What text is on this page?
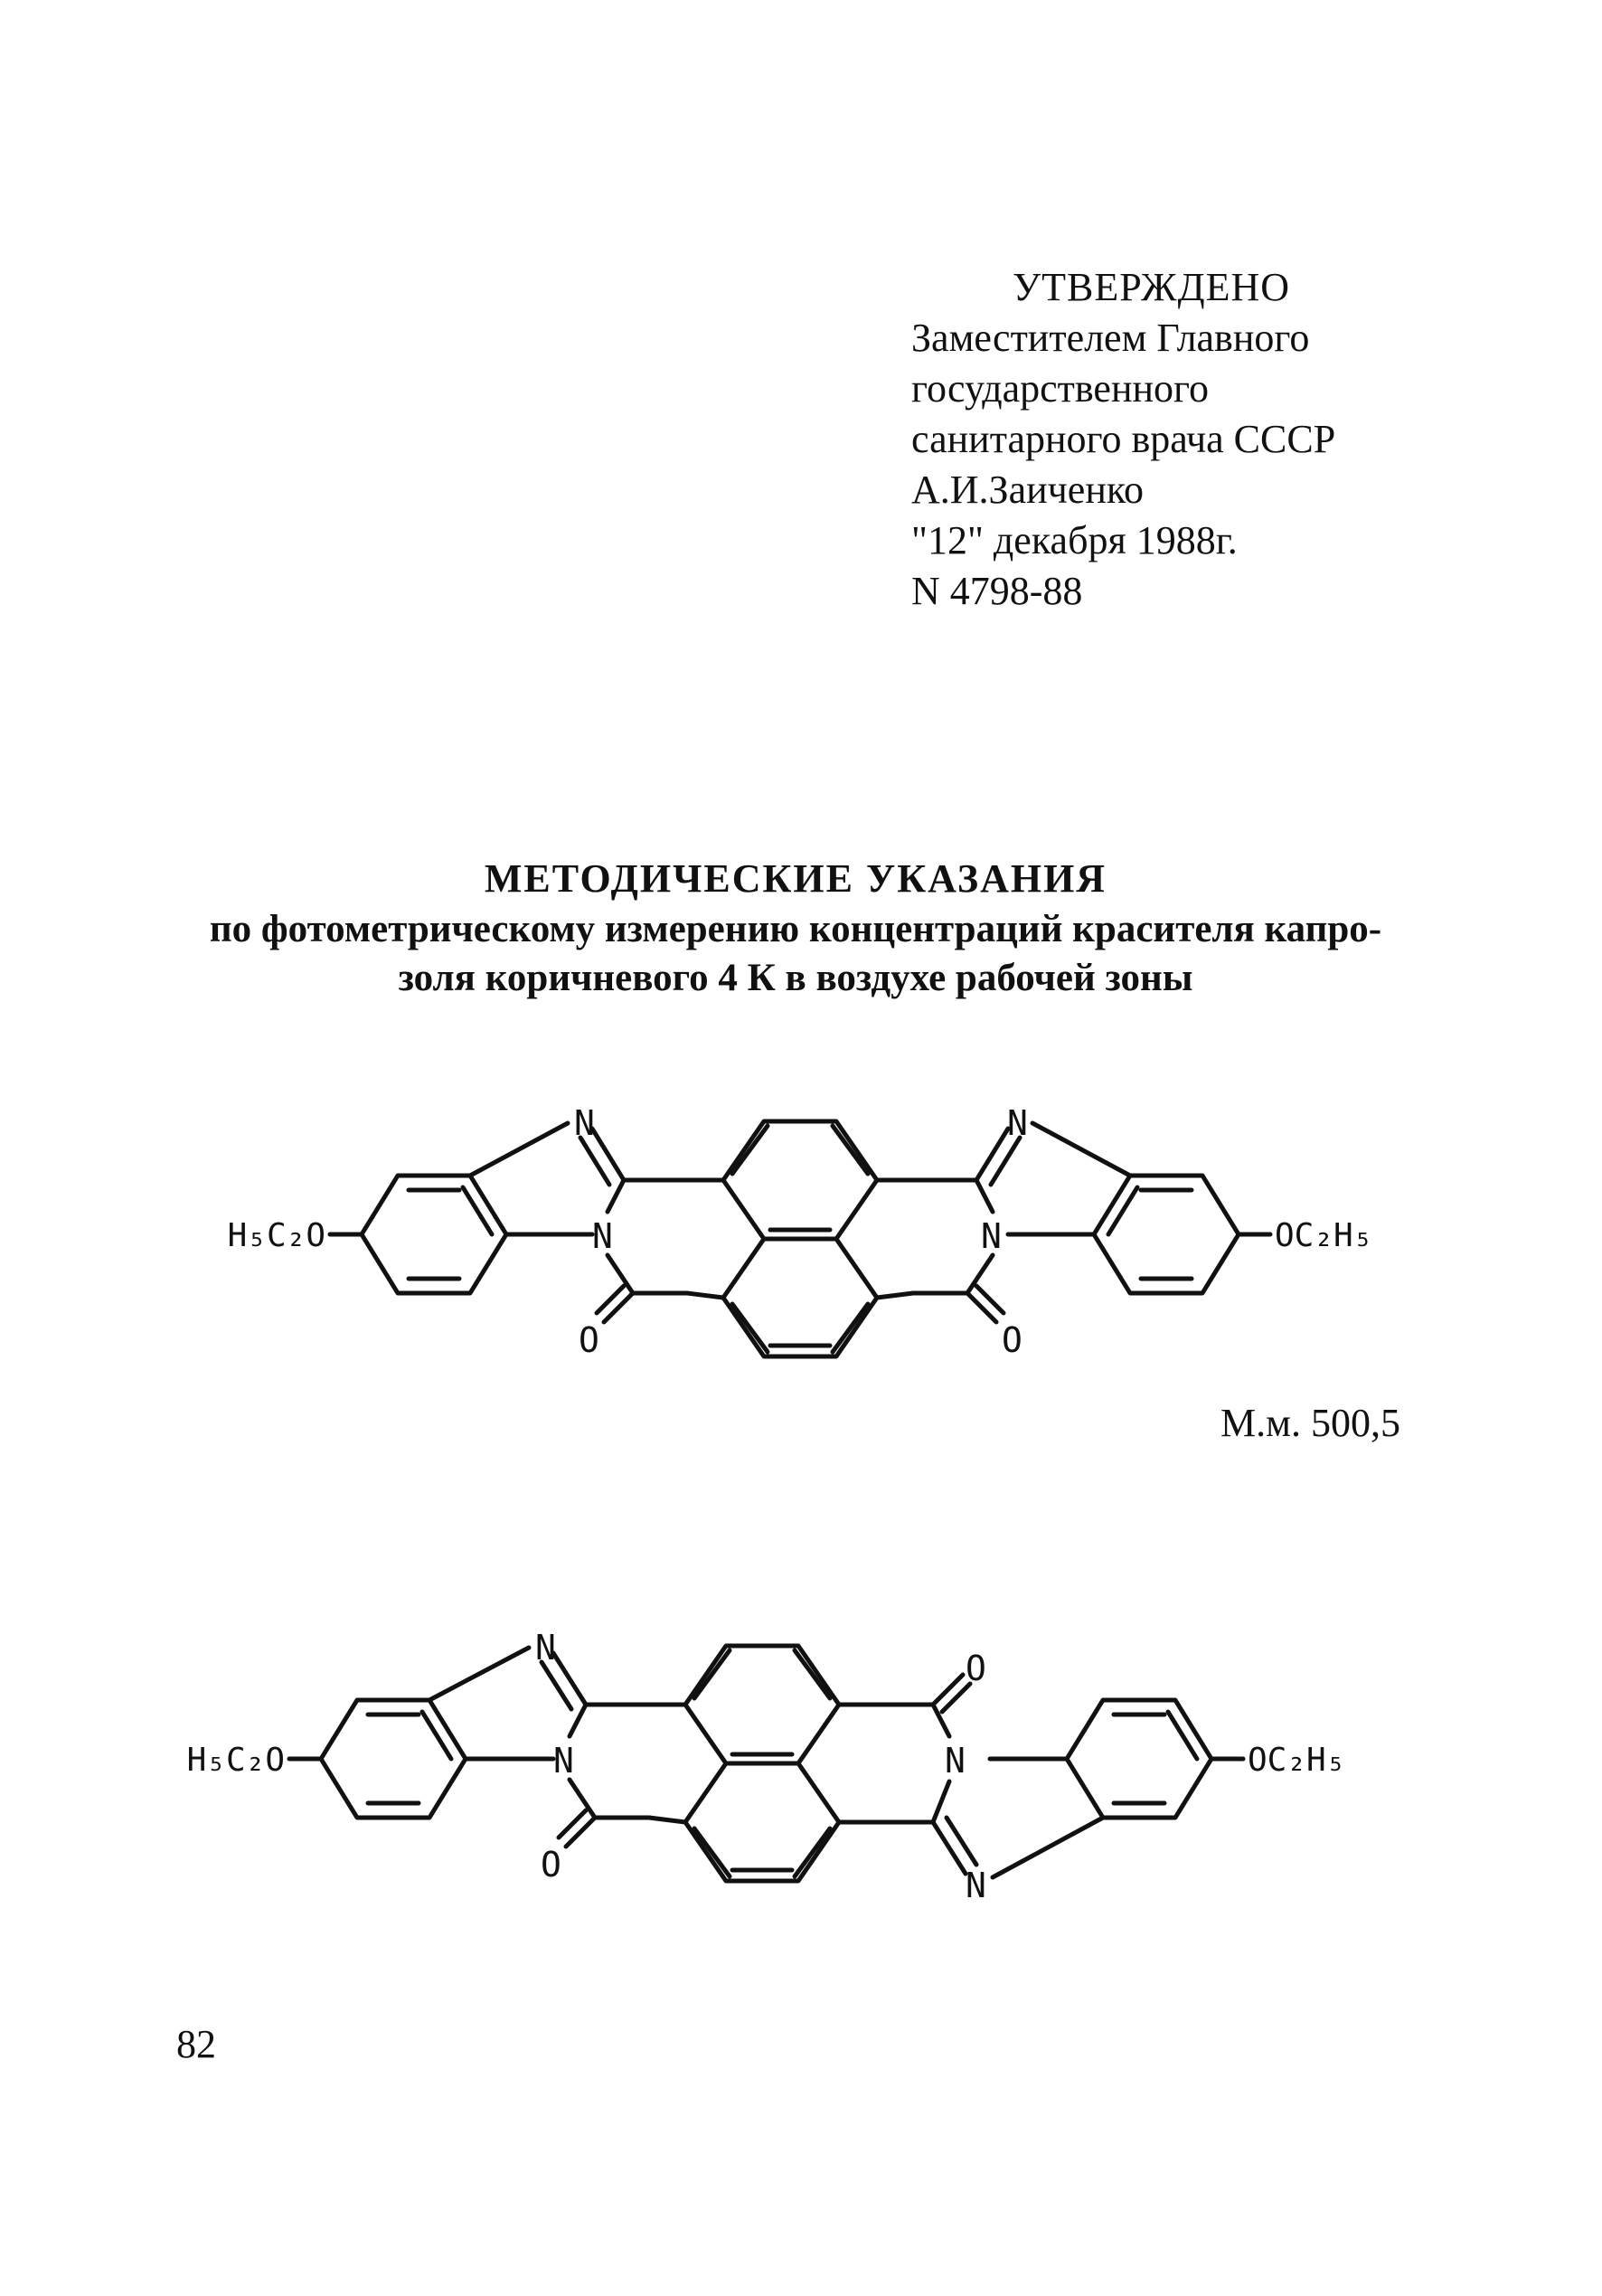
УТВЕРЖДЕНО
Заместителем Главного
государственного
санитарного врача СССР
А.И.Заиченко
"12" декабря 1988г.
N 4798-88
МЕТОДИЧЕСКИЕ УКАЗАНИЯ
по фотометрическому измерению концентраций красителя капро-
золя коричневого 4 К в воздухе рабочей зоны
N
N
O
N
N
O
H₅C₂O	OC₂H₅
М.м. 500,5
N
N
O
O
N
N
H₅C₂O	OC₂H₅
82
